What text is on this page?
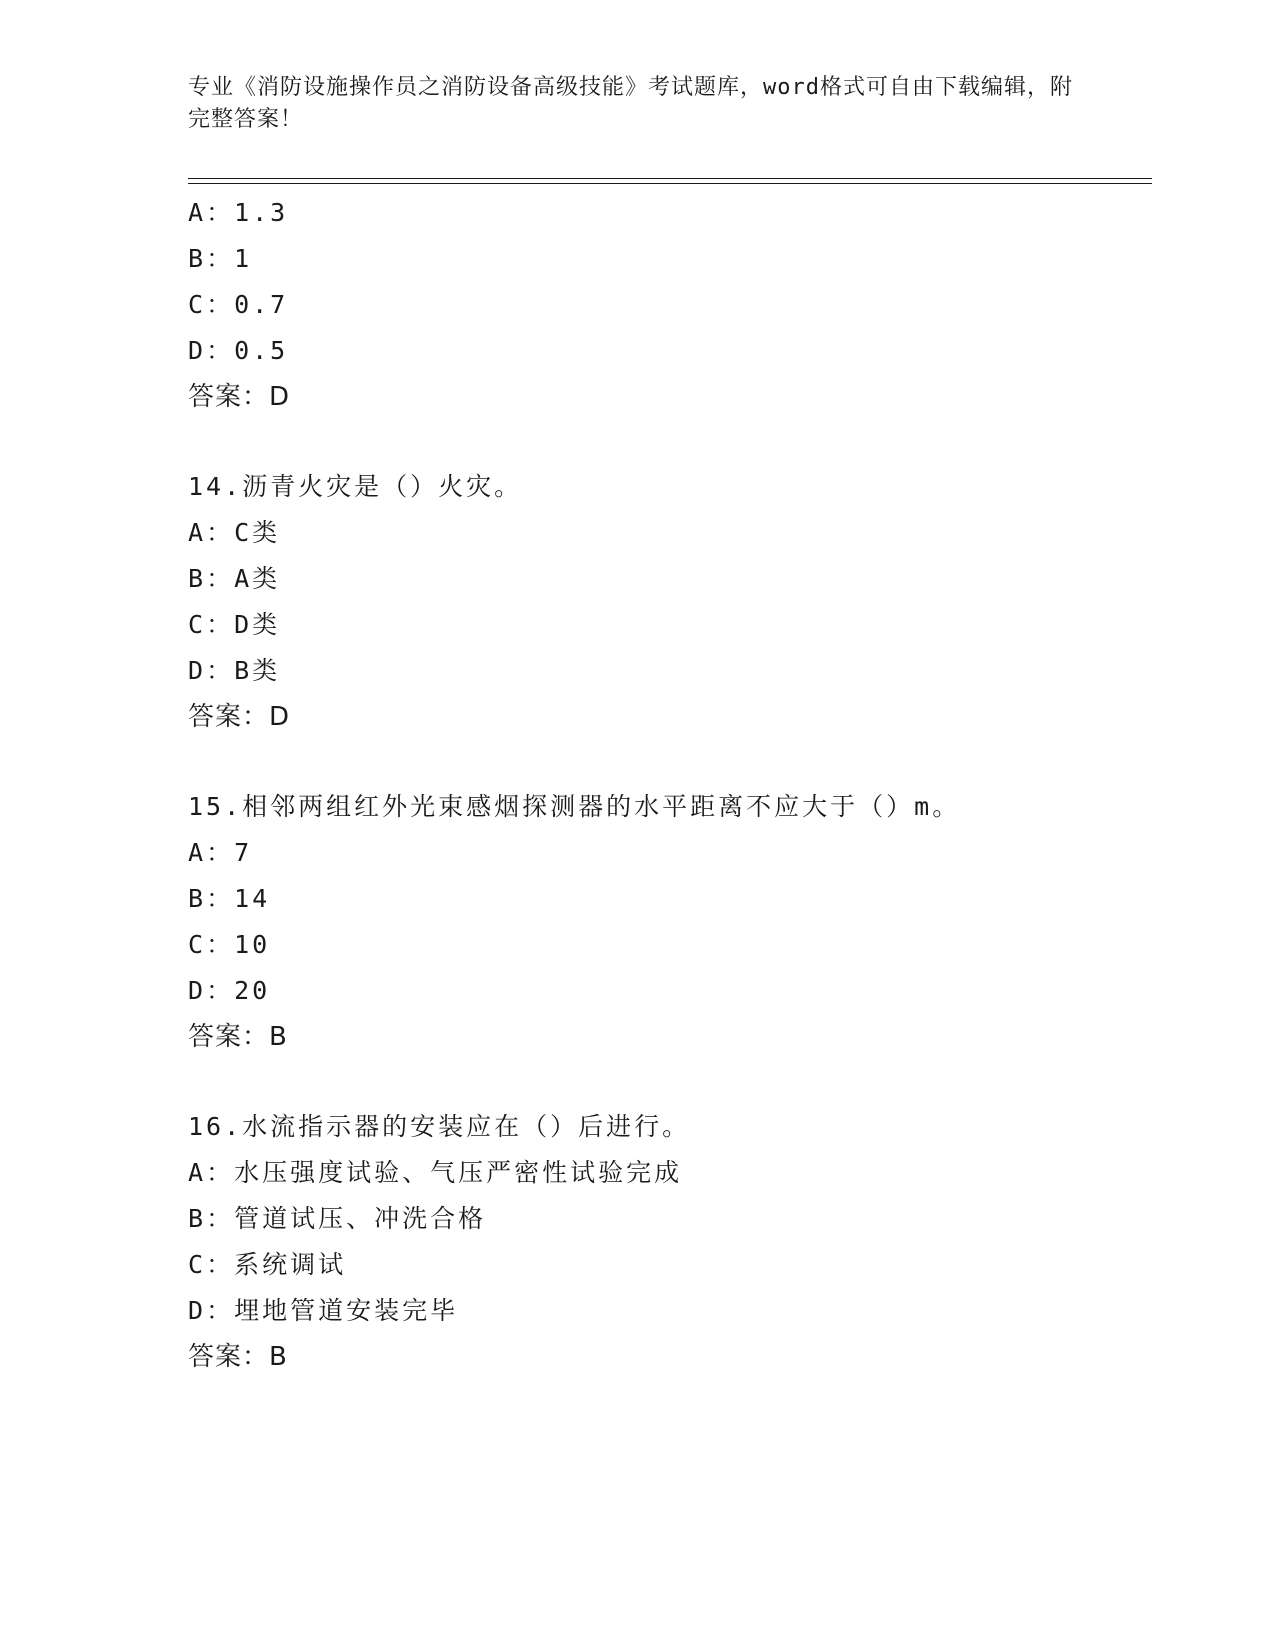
专业《消防设施操作员之消防设备高级技能》考试题库，word格式可自由下载编辑，附完整答案！
A：1.3
B：1
C：0.7
D：0.5
答案：D
14.沥青火灾是（）火灾。
A：C类
B：A类
C：D类
D：B类
答案：D
15.相邻两组红外光束感烟探测器的水平距离不应大于（）m。
A：7
B：14
C：10
D：20
答案：B
16.水流指示器的安装应在（）后进行。
A：水压强度试验、气压严密性试验完成
B：管道试压、冲洗合格
C：系统调试
D：埋地管道安装完毕
答案：B
